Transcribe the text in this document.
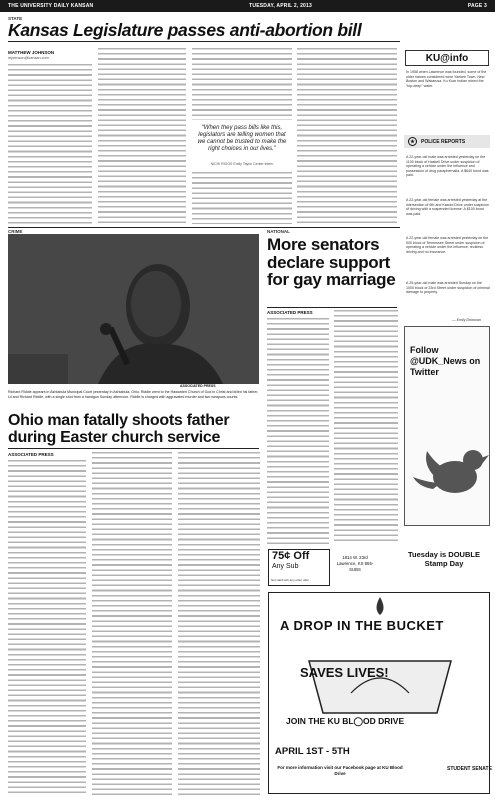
THE UNIVERSITY DAILY KANSAN	TUESDAY, APRIL 2, 2013	PAGE 3
STATE
Kansas Legislature passes anti-abortion bill
MATTHEW JOHNSON
mjohnson@kansan.com
“When they pass bills like this, legislators are telling women that we cannot be trusted to make the right choices in our lives.”
NICHI RIGGS Emily Taylor Center intern
KU@info
In 1958 when Lawrence was founded, some of the older names considered were Yankee Town, New Boston and Wakarusa. Ku Kuar Indian mixed the “top-deep” water.
★	POLICE REPORTS
A 22-year-old male was arrested yesterday on the 1100 block of Haskell Drive under suspicion of operating a vehicle under the influence and possession of drug paraphernalia. A $640 bond was paid.
A 22-year-old female was arrested yesterday at the intersection of 6th and Kasold Drive under suspicion of driving with a suspended license. A $100 bond was paid.
A 22-year-old female was arrested yesterday on the 500 block of Tennessee Street under suspicion of operating a vehicle under the influence, reckless driving and no insurance.
A 25-year-old male was arrested Sunday on the 1000 block of 23rd Street under suspicion of criminal damage to property.
— Emily Donovan
Follow @UDK_News on Twitter
ASSOCIATED PRESS
Richard Riddle appears in Ashtabula Municipal Court yesterday in Ashtabula, Ohio. Riddle went to the Hawarden Church of God in Christ and killed his father, Lil and Richard Riddle, with a single shot from a handgun Sunday afternoon. Riddle is charged with aggravated murder and two weapons counts.
CRIME
Ohio man fatally shoots father during Easter church service
ASSOCIATED PRESS
NATIONAL
More senators declare support for gay marriage
ASSOCIATED PRESS
75¢ Off
Any Sub
Not valid with any other offer
1814 W. 23rd Lawrence, KS 865-SUBS
Tuesday is DOUBLE Stamp Day
A DROP IN THE BUCKET
SAVES LIVES!
JOIN THE KU BL◯OD DRIVE
APRIL 1ST - 5TH
For more information visit our Facebook page at KU Blood Drive
STUDENT SENATE
